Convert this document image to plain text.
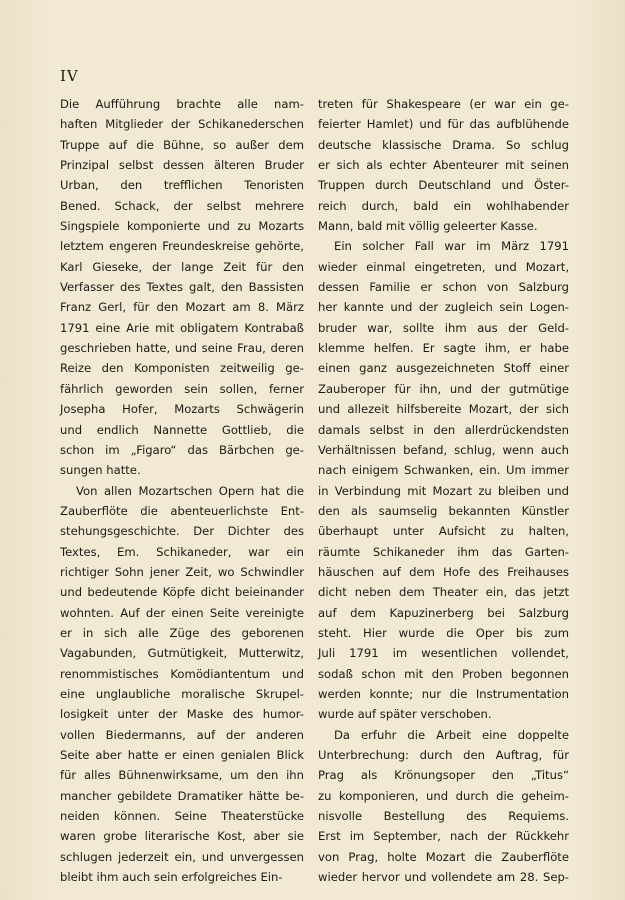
IV
Die Aufführung brachte alle nam-
haften Mitglieder der Schikanederschen
Truppe auf die Bühne, so außer dem
Prinzipal selbst dessen älteren Bruder
Urban, den trefflichen Tenoristen
Bened. Schack, der selbst mehrere
Singspiele komponierte und zu Mozarts
letztem engeren Freundeskreise gehörte,
Karl Gieseke, der lange Zeit für den
Verfasser des Textes galt, den Bassisten
Franz Gerl, für den Mozart am 8. März
1791 eine Arie mit obligatem Kontrabaß
geschrieben hatte, und seine Frau, deren
Reize den Komponisten zeitweilig ge-
fährlich geworden sein sollen, ferner
Josepha Hofer, Mozarts Schwägerin
und endlich Nannette Gottlieb, die
schon im „Figaro“ das Bärbchen ge-
sungen hatte.
Von allen Mozartschen Opern hat die
Zauberflöte die abenteuerlichste Ent-
stehungsgeschichte. Der Dichter des
Textes, Em. Schikaneder, war ein
richtiger Sohn jener Zeit, wo Schwindler
und bedeutende Köpfe dicht beieinander
wohnten. Auf der einen Seite vereinigte
er in sich alle Züge des geborenen
Vagabunden, Gutmütigkeit, Mutterwitz,
renommistisches Komödiantentum und
eine unglaubliche moralische Skrupel-
losigkeit unter der Maske des humor-
vollen Biedermanns, auf der anderen
Seite aber hatte er einen genialen Blick
für alles Bühnenwirksame, um den ihn
mancher gebildete Dramatiker hätte be-
neiden können. Seine Theaterstücke
waren grobe literarische Kost, aber sie
schlugen jederzeit ein, und unvergessen
bleibt ihm auch sein erfolgreiches Ein-
treten für Shakespeare (er war ein ge-
feierter Hamlet) und für das aufblühende
deutsche klassische Drama. So schlug
er sich als echter Abenteurer mit seinen
Truppen durch Deutschland und Öster-
reich durch, bald ein wohlhabender
Mann, bald mit völlig geleerter Kasse.
Ein solcher Fall war im März 1791
wieder einmal eingetreten, und Mozart,
dessen Familie er schon von Salzburg
her kannte und der zugleich sein Logen-
bruder war, sollte ihm aus der Geld-
klemme helfen. Er sagte ihm, er habe
einen ganz ausgezeichneten Stoff einer
Zauberoper für ihn, und der gutmütige
und allezeit hilfsbereite Mozart, der sich
damals selbst in den allerdrückendsten
Verhältnissen befand, schlug, wenn auch
nach einigem Schwanken, ein. Um immer
in Verbindung mit Mozart zu bleiben und
den als saumselig bekannten Künstler
überhaupt unter Aufsicht zu halten,
räumte Schikaneder ihm das Garten-
häuschen auf dem Hofe des Freihauses
dicht neben dem Theater ein, das jetzt
auf dem Kapuzinerberg bei Salzburg
steht. Hier wurde die Oper bis zum
Juli 1791 im wesentlichen vollendet,
sodaß schon mit den Proben begonnen
werden konnte; nur die Instrumentation
wurde auf später verschoben.
Da erfuhr die Arbeit eine doppelte
Unterbrechung: durch den Auftrag, für
Prag als Krönungsoper den „Titus“
zu komponieren, und durch die geheim-
nisvolle Bestellung des Requiems.
Erst im September, nach der Rückkehr
von Prag, holte Mozart die Zauberflöte
wieder hervor und vollendete am 28. Sep-
